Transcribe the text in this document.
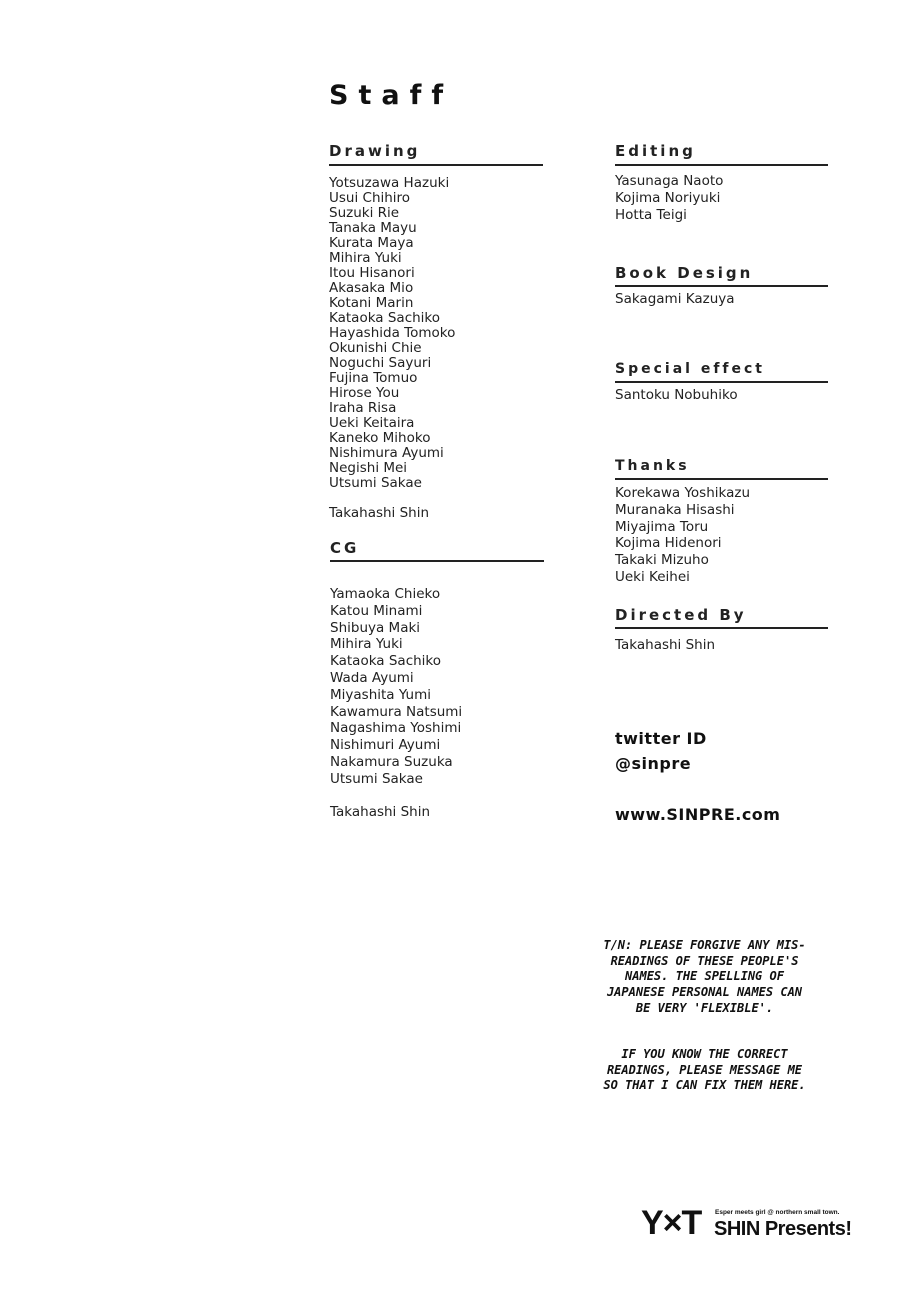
Staff
Drawing
Yotsuzawa Hazuki
Usui Chihiro
Suzuki Rie
Tanaka Mayu
Kurata Maya
Mihira Yuki
Itou Hisanori
Akasaka Mio
Kotani Marin
Kataoka Sachiko
Hayashida Tomoko
Okunishi Chie
Noguchi Sayuri
Fujina Tomuo
Hirose You
Iraha Risa
Ueki Keitaira
Kaneko Mihoko
Nishimura Ayumi
Negishi Mei
Utsumi Sakae
Takahashi Shin
CG
Yamaoka Chieko
Katou Minami
Shibuya Maki
Mihira Yuki
Kataoka Sachiko
Wada Ayumi
Miyashita Yumi
Kawamura Natsumi
Nagashima Yoshimi
Nishimuri Ayumi
Nakamura Suzuka
Utsumi Sakae
Takahashi Shin
Editing
Yasunaga Naoto
Kojima Noriyuki
Hotta Teigi
Book Design
Sakagami Kazuya
Special effect
Santoku Nobuhiko
Thanks
Korekawa Yoshikazu
Muranaka Hisashi
Miyajima Toru
Kojima Hidenori
Takaki Mizuho
Ueki Keihei
Directed By
Takahashi Shin
twitter ID
@sinpre
www.SINPRE.com
T/N: PLEASE FORGIVE ANY MIS-READINGS OF THESE PEOPLE'S NAMES. THE SPELLING OF JAPANESE PERSONAL NAMES CAN BE VERY 'FLEXIBLE'.
IF YOU KNOW THE CORRECT READINGS, PLEASE MESSAGE ME SO THAT I CAN FIX THEM HERE.
Y×T Esper meets girl @ northern small town.
SHIN Presents!
